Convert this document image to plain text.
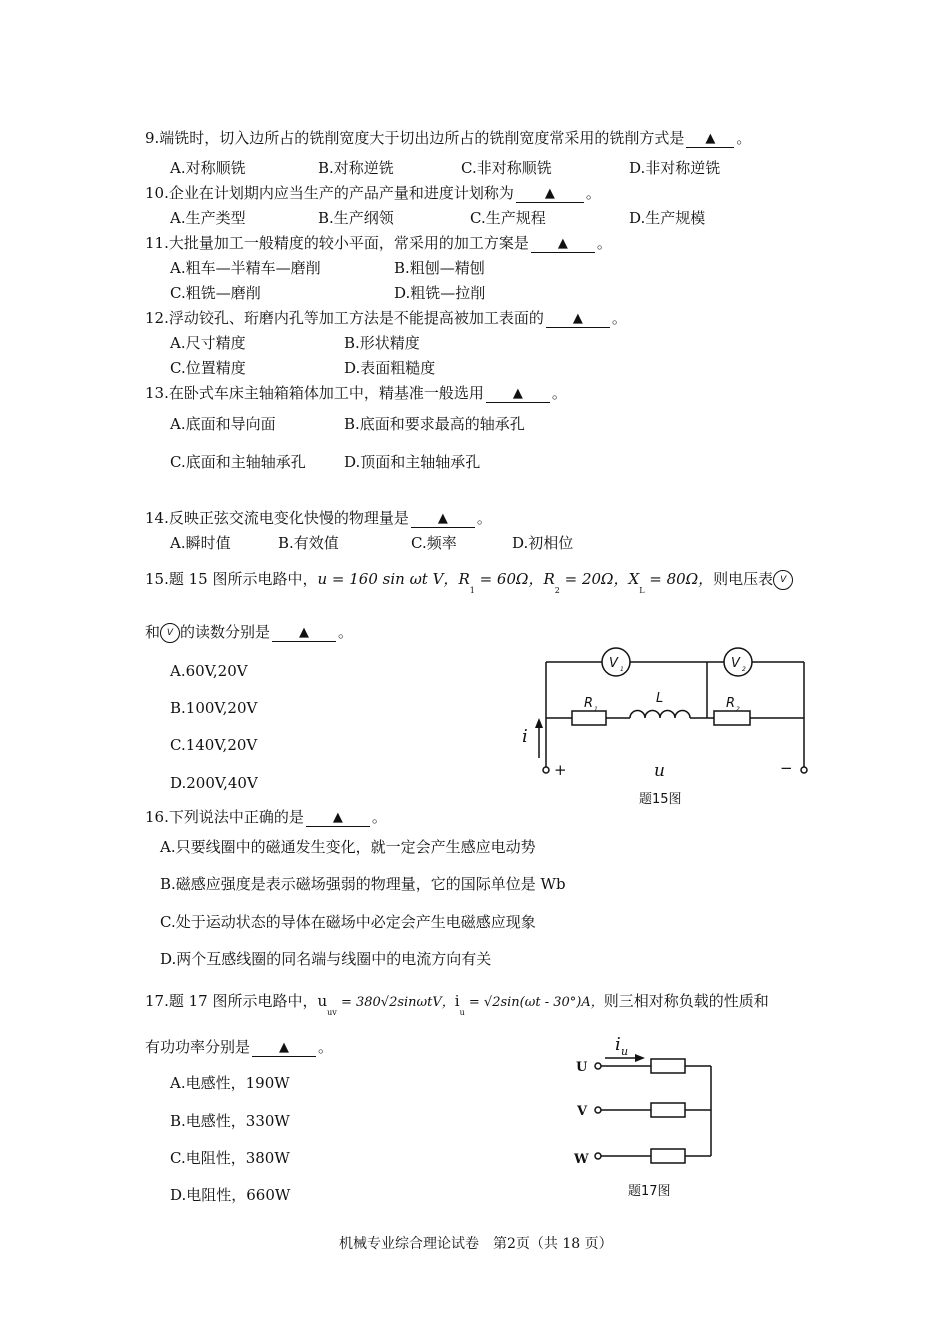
9.端铣时，切入边所占的铣削宽度大于切出边所占的铣削宽度常采用的铣削方式是 ▲ 。
A.对称顺铣	B.对称逆铣	C.非对称顺铣	D.非对称逆铣
10.企业在计划期内应当生产的产品产量和进度计划称为 ▲ 。
A.生产类型	B.生产纲领	C.生产规程	D.生产规模
11.大批量加工一般精度的较小平面，常采用的加工方案是 ▲ 。
A.粗车—半精车—磨削	B.粗刨—精刨
C.粗铣—磨削	D.粗铣—拉削
12.浮动铰孔、珩磨内孔等加工方法是不能提高被加工表面的 ▲ 。
A.尺寸精度	B.形状精度
C.位置精度	D.表面粗糙度
13.在卧式车床主轴箱箱体加工中，精基准一般选用 ▲ 。
A.底面和导向面	B.底面和要求最高的轴承孔
C.底面和主轴轴承孔	D.顶面和主轴轴承孔
14.反映正弦交流电变化快慢的物理量是 ▲ 。
A.瞬时值	B.有效值	C.频率	D.初相位
15.题 15 图所示电路中，u = 160 sin ωt V，$R_1 = 60\Omega$，$R_2 = 20\Omega$，$X_L = 80\Omega$，则电压表 V
和 V 的读数分别是 ▲ 。
A.60V,20V
B.100V,20V
C.140V,20V
D.200V,40V
V 1	V 2
R 1	R 2
L
i
u
+	−
题15图
16.下列说法中正确的是 ▲ 。
A.只要线圈中的磁通发生变化，就一定会产生感应电动势
B.磁感应强度是表示磁场强弱的物理量，它的国际单位是 Wb
C.处于运动状态的导体在磁场中必定会产生电磁感应现象
D.两个互感线圈的同名端与线圈中的电流方向有关
17.题 17 图所示电路中，$u_{uv} = 380√2\sin\omega tV$，$i_u = √2\sin(\omega t - 30^\circ)A$，则三相对称负载的性质和
有功功率分别是 ▲ 。
A.电感性，190W
B.电感性，330W
C.电阻性，380W
D.电阻性，660W
i u
U
V
W
题17图
机械专业综合理论试卷　第2页（共 18 页）
